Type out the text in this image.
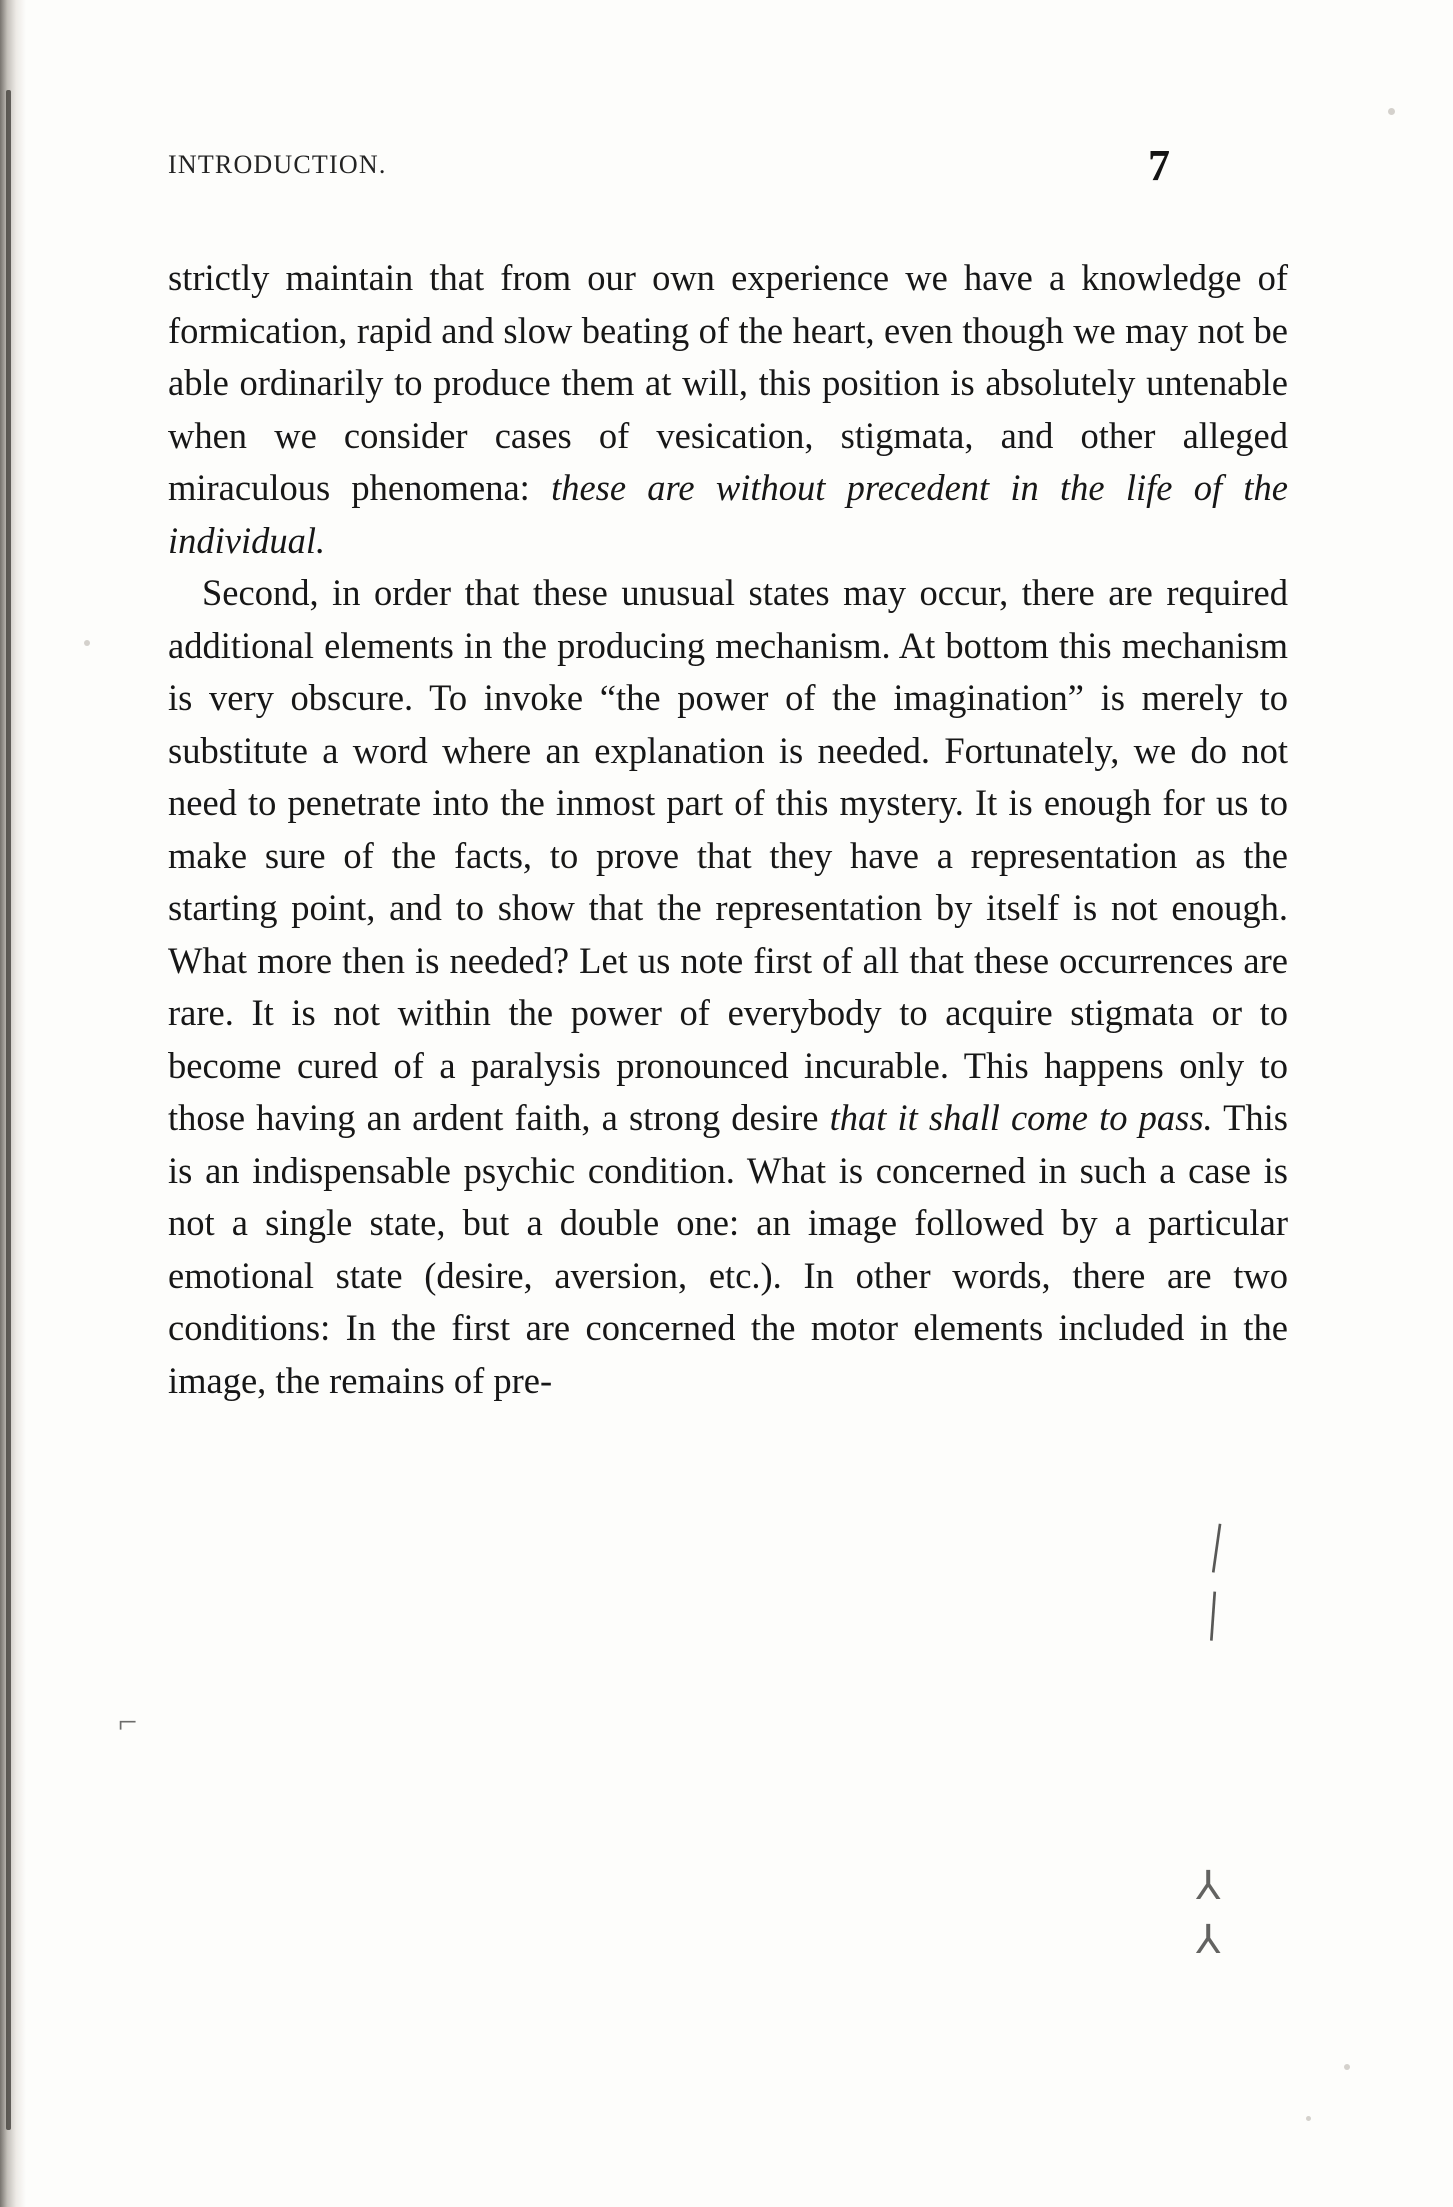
INTRODUCTION.	7

strictly maintain that from our own experience we have a knowledge of formication, rapid and slow beating of the heart, even though we may not be able ordinarily to produce them at will, this position is absolutely untenable when we consider cases of vesication, stigmata, and other alleged miraculous phenomena: these are without precedent in the life of the individual.

Second, in order that these unusual states may occur, there are required additional elements in the producing mechanism. At bottom this mechanism is very obscure. To invoke “the power of the imagination” is merely to substitute a word where an explanation is needed. Fortunately, we do not need to penetrate into the inmost part of this mystery. It is enough for us to make sure of the facts, to prove that they have a representation as the starting point, and to show that the representation by itself is not enough. What more then is needed? Let us note first of all that these occurrences are rare. It is not within the power of everybody to acquire stigmata or to become cured of a paralysis pronounced incurable. This happens only to those having an ardent faith, a strong desire that it shall come to pass. This is an indispensable psychic condition. What is concerned in such a case is not a single state, but a double one: an image followed by a particular emotional state (desire, aversion, etc.). In other words, there are two conditions: In the first are concerned the motor elements included in the image, the remains of pre-

|
|
⅄
⅄
⌐
